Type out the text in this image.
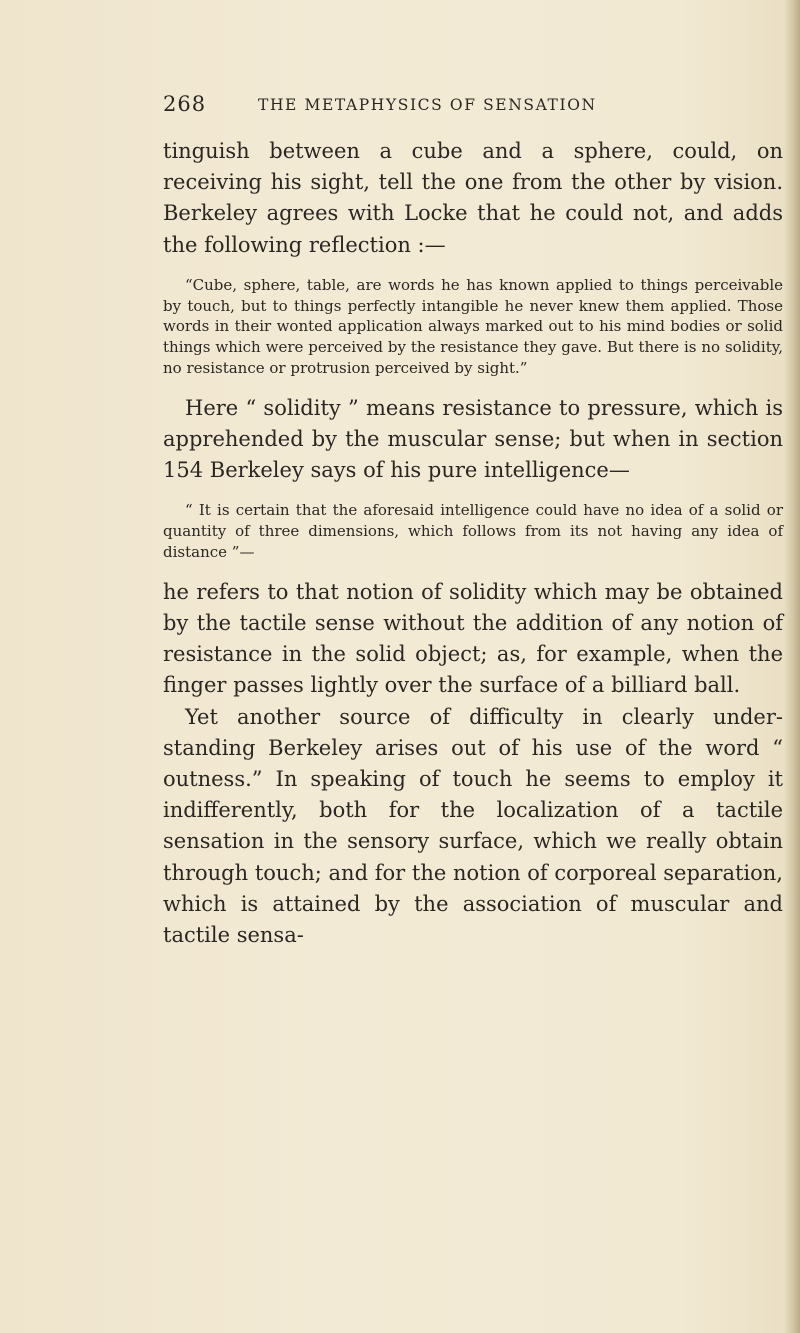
268	THE METAPHYSICS OF SENSATION

tinguish between a cube and a sphere, could, on receiving his sight, tell the one from the other by vision. Berkeley agrees with Locke that he could not, and adds the following reflection :—

“Cube, sphere, table, are words he has known applied to things perceivable by touch, but to things perfectly intangible he never knew them applied. Those words in their wonted application always marked out to his mind bodies or solid things which were perceived by the resistance they gave. But there is no solidity, no resistance or protrusion perceived by sight.”

Here “ solidity ” means resistance to pressure, which is apprehended by the muscular sense; but when in section 154 Berkeley says of his pure intelligence—

“ It is certain that the aforesaid intelligence could have no idea of a solid or quantity of three dimensions, which follows from its not having any idea of distance ”—

he refers to that notion of solidity which may be obtained by the tactile sense without the addition of any notion of resistance in the solid object; as, for example, when the finger passes lightly over the surface of a billiard ball.

Yet another source of difficulty in clearly under-standing Berkeley arises out of his use of the word “ outness.” In speaking of touch he seems to employ it indifferently, both for the localization of a tactile sensation in the sensory surface, which we really obtain through touch; and for the notion of corporeal separation, which is attained by the association of muscular and tactile sensa-
